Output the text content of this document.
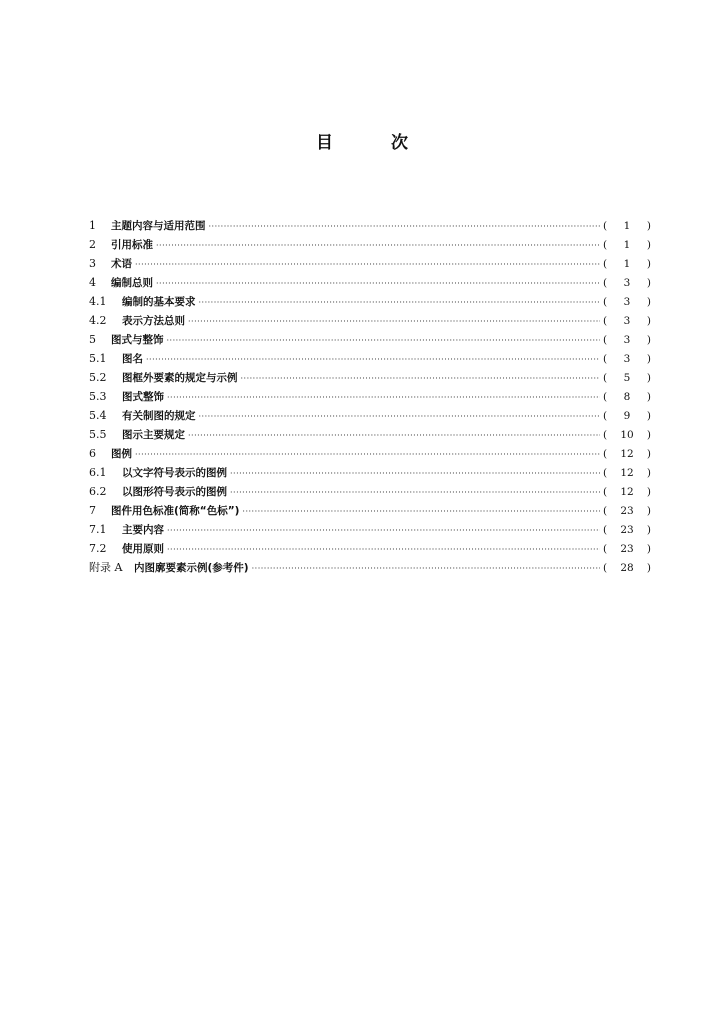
目	次
1	主题内容与适用范围 ·····	(	1	)
2	引用标准 ·····	(	1	)
3	术语 ·····	(	1	)
4	编制总则 ·····	(	3	)
4.1	编制的基本要求 ·····	(	3	)
4.2	表示方法总则 ·····	(	3	)
5	图式与整饰 ·····	(	3	)
5.1	图名 ·····	(	3	)
5.2	图框外要素的规定与示例 ·····	(	5	)
5.3	图式整饰 ·····	(	8	)
5.4	有关制图的规定 ·····	(	9	)
5.5	图示主要规定 ·····	(	10	)
6	图例 ·····	(	12	)
6.1	以文字符号表示的图例 ·····	(	12	)
6.2	以图形符号表示的图例 ·····	(	12	)
7	图件用色标准(简称“色标”) ·····	(	23	)
7.1	主要内容 ·····	(	23	)
7.2	使用原则 ·····	(	23	)
附录 A	内图廓要素示例(参考件) ·····	(	28	)
